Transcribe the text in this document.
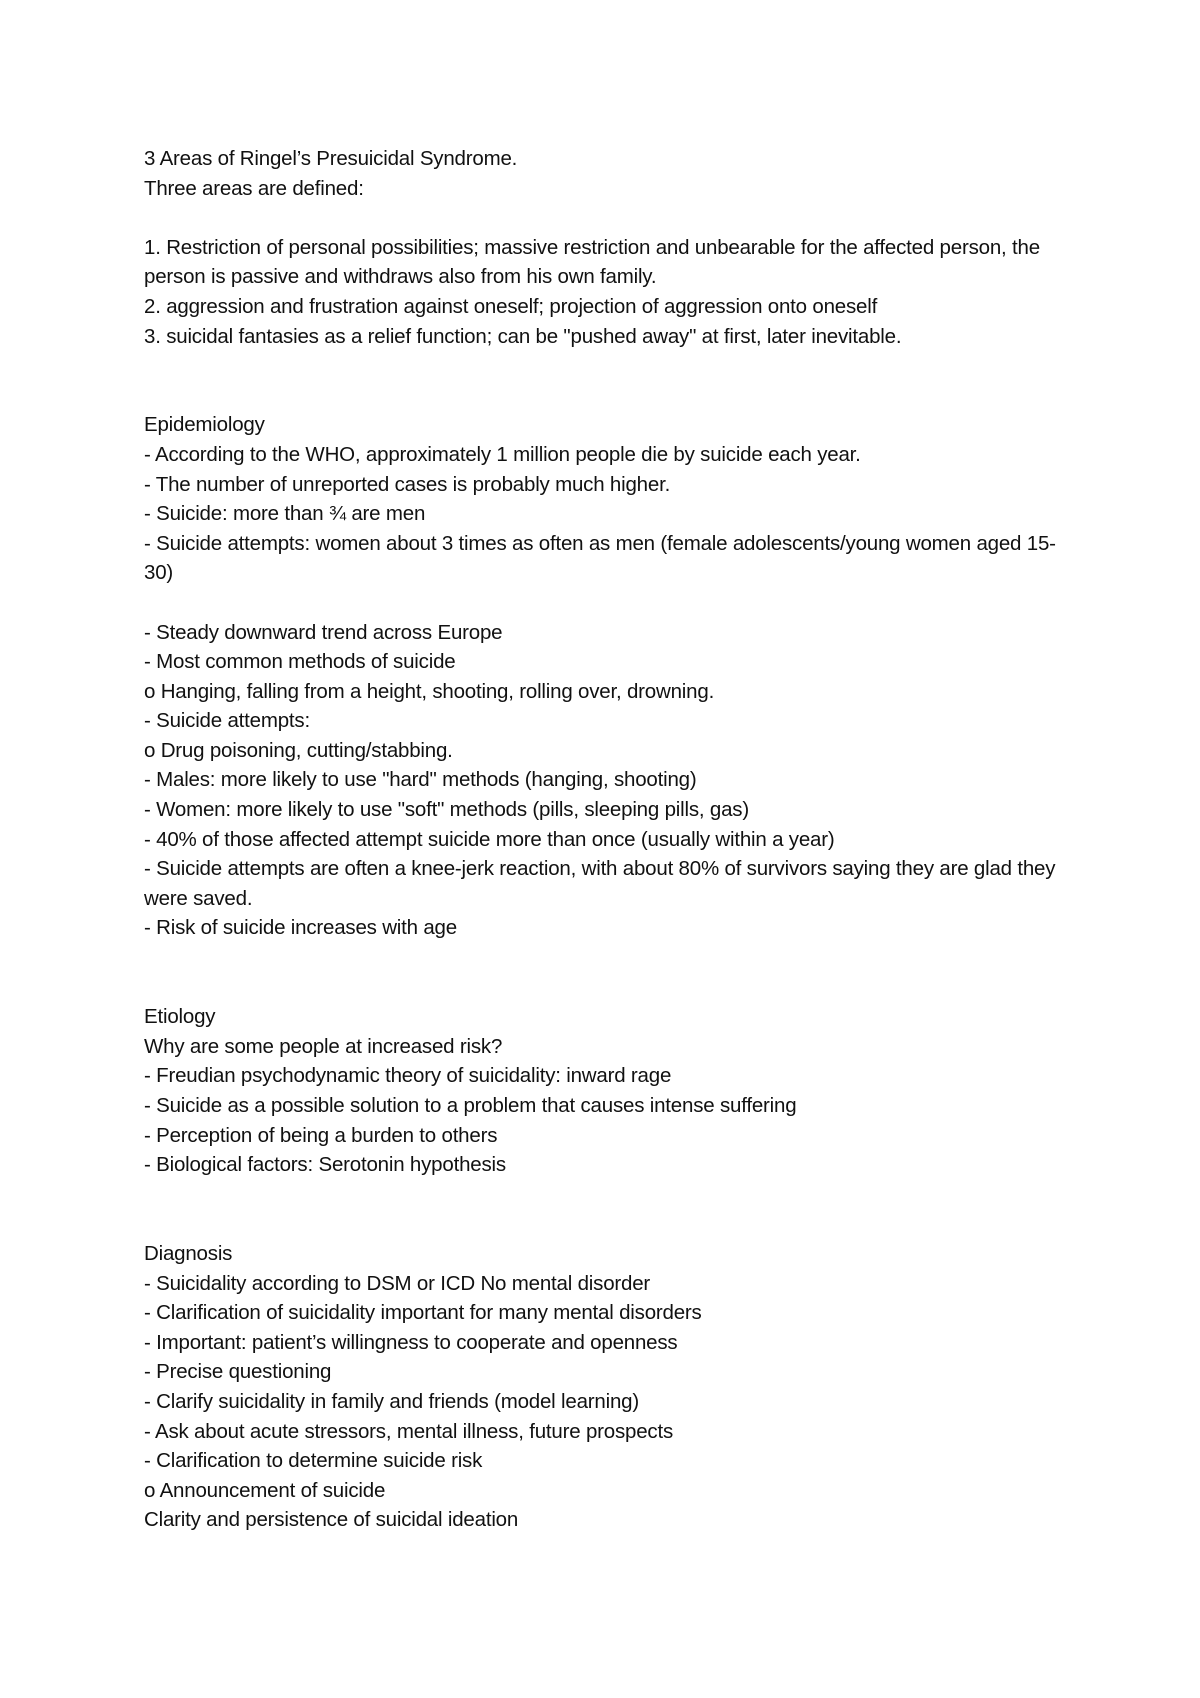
3 Areas of Ringel’s Presuicidal Syndrome.

Three areas are defined:

1. Restriction of personal possibilities; massive restriction and unbearable for the affected person, the person is passive and withdraws also from his own family.

2. aggression and frustration against oneself; projection of aggression onto oneself

3. suicidal fantasies as a relief function; can be "pushed away" at first, later inevitable.

Epidemiology

- According to the WHO, approximately 1 million people die by suicide each year.

- The number of unreported cases is probably much higher.

- Suicide: more than ¾ are men

- Suicide attempts: women about 3 times as often as men (female adolescents/young women aged 15-30)

- Steady downward trend across Europe

- Most common methods of suicide

o Hanging, falling from a height, shooting, rolling over, drowning.

- Suicide attempts:

o Drug poisoning, cutting/stabbing.

- Males: more likely to use "hard" methods (hanging, shooting)

- Women: more likely to use "soft" methods (pills, sleeping pills, gas)

- 40% of those affected attempt suicide more than once (usually within a year)

- Suicide attempts are often a knee-jerk reaction, with about 80% of survivors saying they are glad they were saved.

- Risk of suicide increases with age

Etiology

Why are some people at increased risk?

- Freudian psychodynamic theory of suicidality: inward rage

- Suicide as a possible solution to a problem that causes intense suffering

- Perception of being a burden to others

- Biological factors: Serotonin hypothesis

Diagnosis

- Suicidality according to DSM or ICD No mental disorder

- Clarification of suicidality important for many mental disorders

- Important: patient’s willingness to cooperate and openness

- Precise questioning

- Clarify suicidality in family and friends (model learning)

- Ask about acute stressors, mental illness, future prospects

- Clarification to determine suicide risk

o Announcement of suicide

Clarity and persistence of suicidal ideation
